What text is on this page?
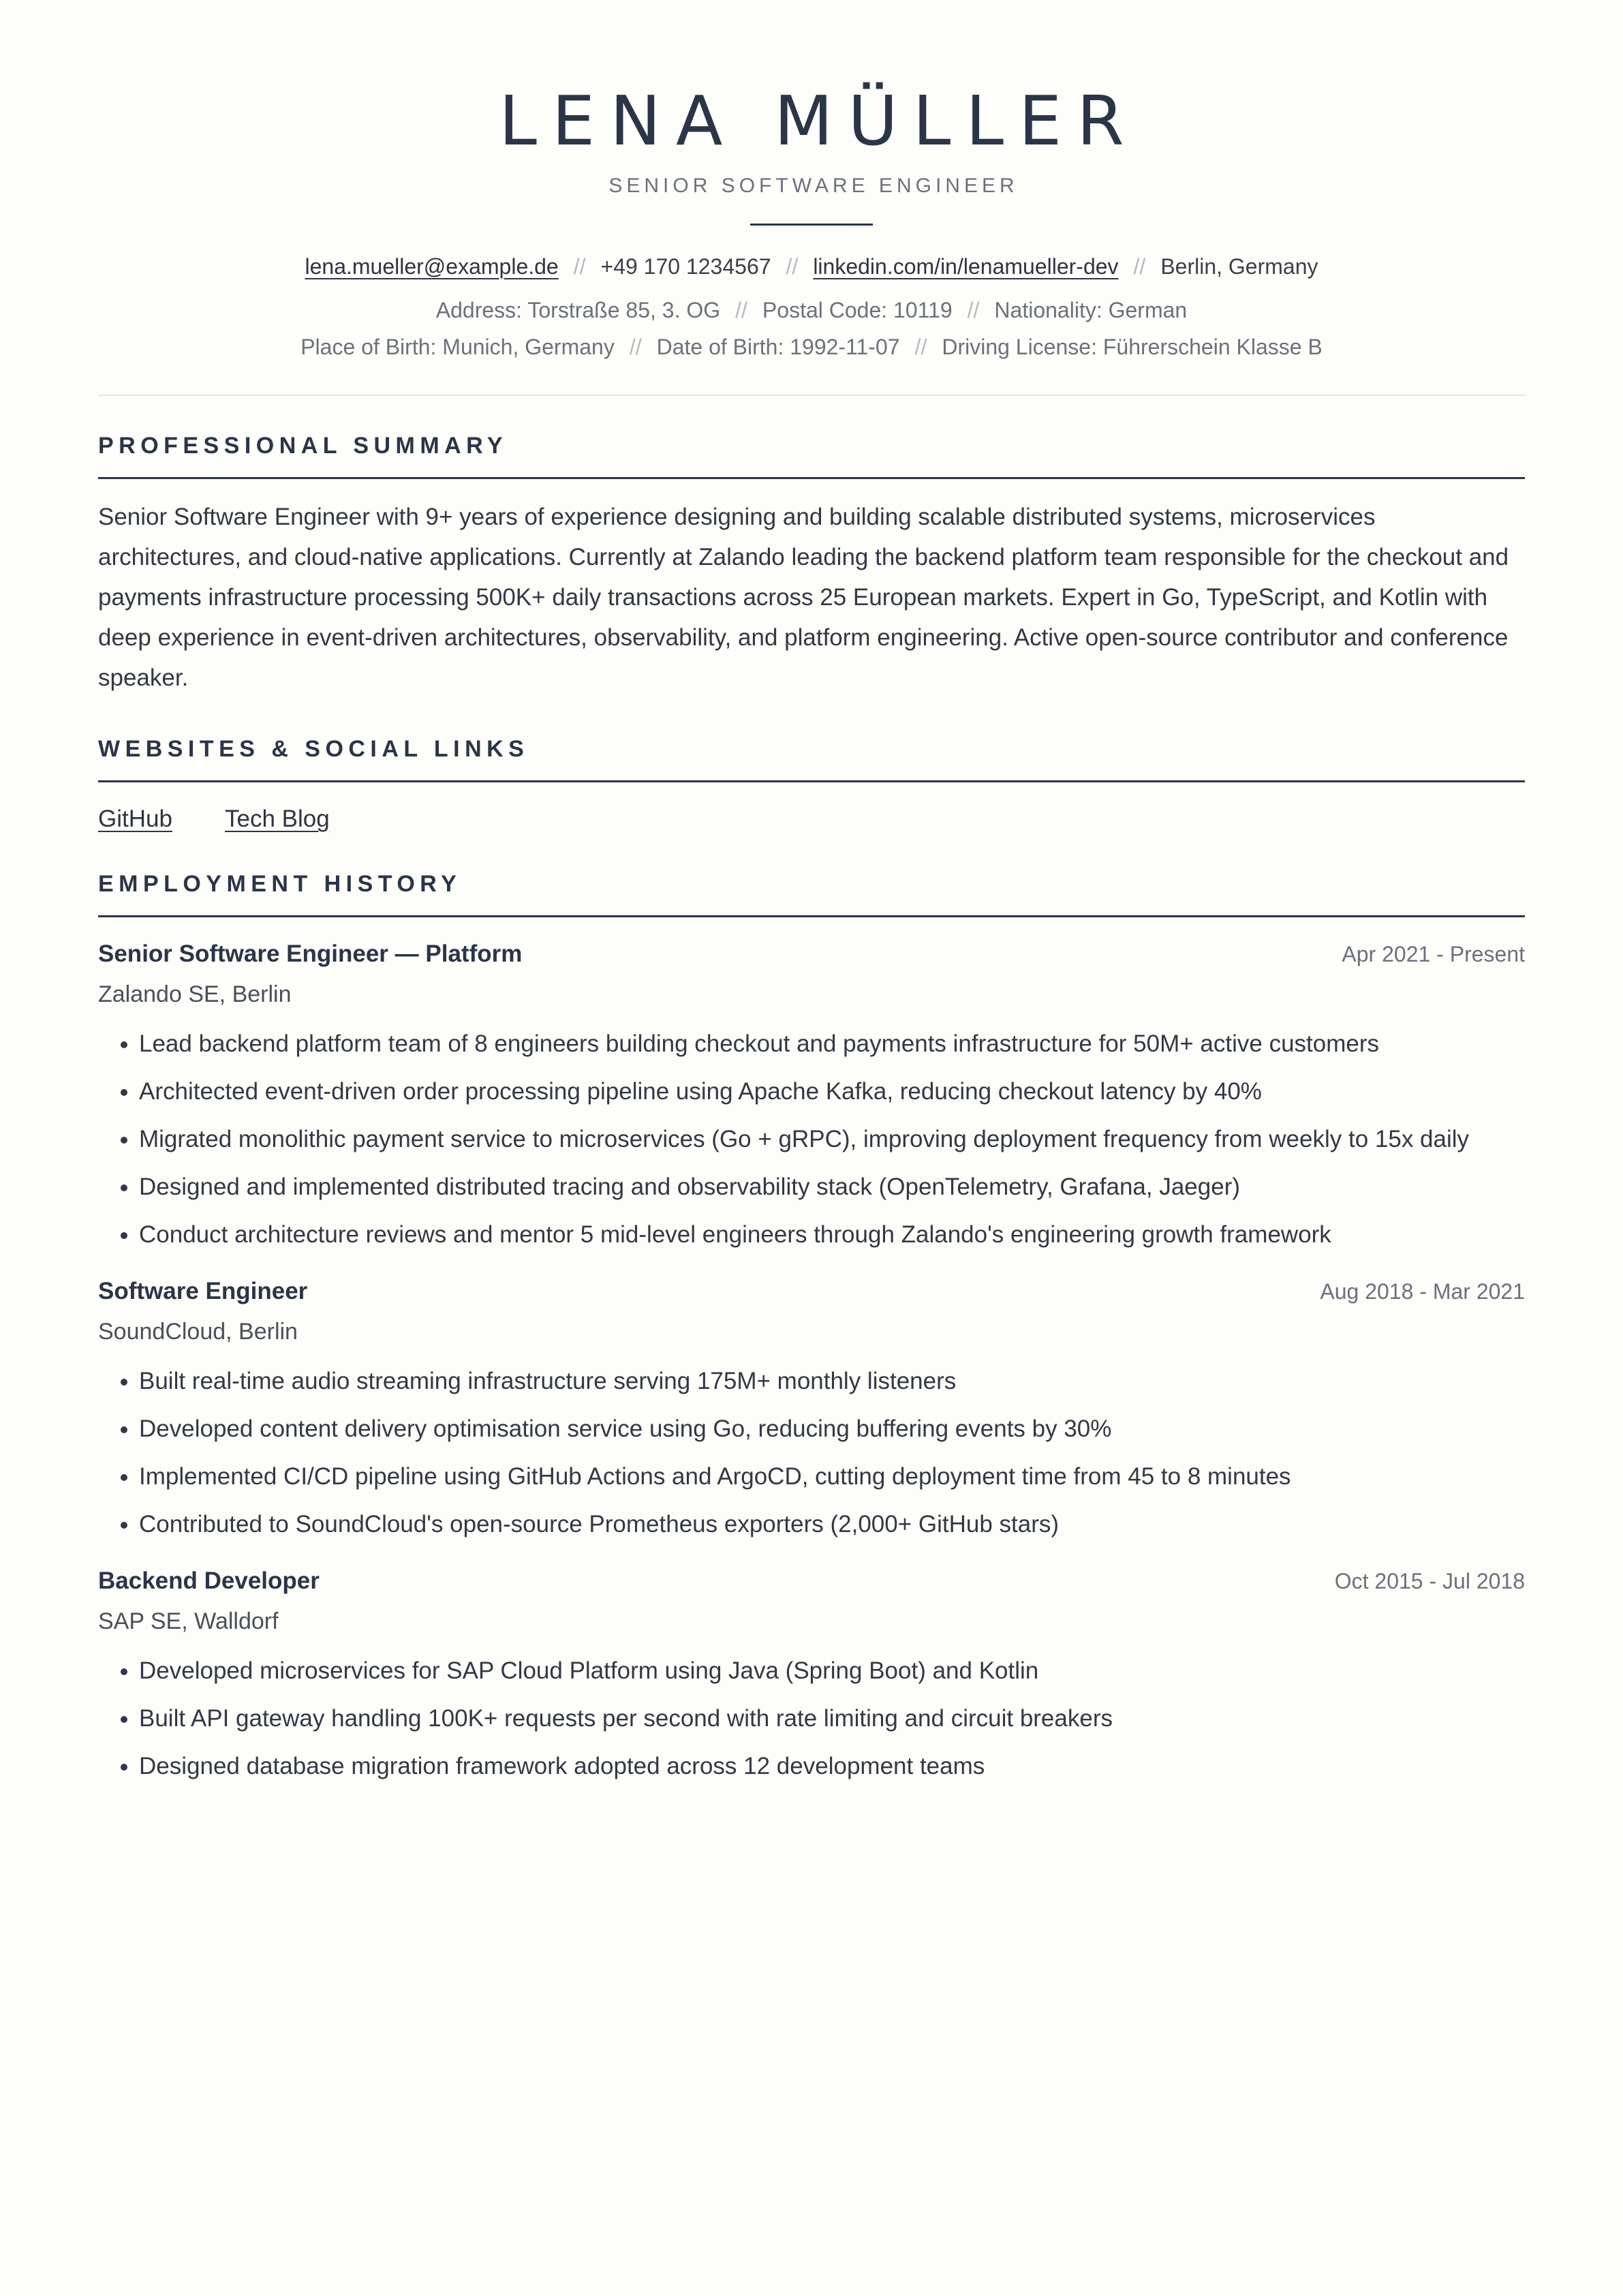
LENA MÜLLER
SENIOR SOFTWARE ENGINEER
lena.mueller@example.de // +49 170 1234567 // linkedin.com/in/lenamueller-dev // Berlin, Germany
Address: Torstraße 85, 3. OG // Postal Code: 10119 // Nationality: German
Place of Birth: Munich, Germany // Date of Birth: 1992-11-07 // Driving License: Führerschein Klasse B
PROFESSIONAL SUMMARY
Senior Software Engineer with 9+ years of experience designing and building scalable distributed systems, microservices architectures, and cloud-native applications. Currently at Zalando leading the backend platform team responsible for the checkout and payments infrastructure processing 500K+ daily transactions across 25 European markets. Expert in Go, TypeScript, and Kotlin with deep experience in event-driven architectures, observability, and platform engineering. Active open-source contributor and conference speaker.
WEBSITES & SOCIAL LINKS
GitHub Tech Blog
EMPLOYMENT HISTORY
Senior Software Engineer — Platform	Apr 2021 - Present
Zalando SE, Berlin
• Lead backend platform team of 8 engineers building checkout and payments infrastructure for 50M+ active customers
• Architected event-driven order processing pipeline using Apache Kafka, reducing checkout latency by 40%
• Migrated monolithic payment service to microservices (Go + gRPC), improving deployment frequency from weekly to 15x daily
• Designed and implemented distributed tracing and observability stack (OpenTelemetry, Grafana, Jaeger)
• Conduct architecture reviews and mentor 5 mid-level engineers through Zalando's engineering growth framework
Software Engineer	Aug 2018 - Mar 2021
SoundCloud, Berlin
• Built real-time audio streaming infrastructure serving 175M+ monthly listeners
• Developed content delivery optimisation service using Go, reducing buffering events by 30%
• Implemented CI/CD pipeline using GitHub Actions and ArgoCD, cutting deployment time from 45 to 8 minutes
• Contributed to SoundCloud's open-source Prometheus exporters (2,000+ GitHub stars)
Backend Developer	Oct 2015 - Jul 2018
SAP SE, Walldorf
• Developed microservices for SAP Cloud Platform using Java (Spring Boot) and Kotlin
• Built API gateway handling 100K+ requests per second with rate limiting and circuit breakers
• Designed database migration framework adopted across 12 development teams
